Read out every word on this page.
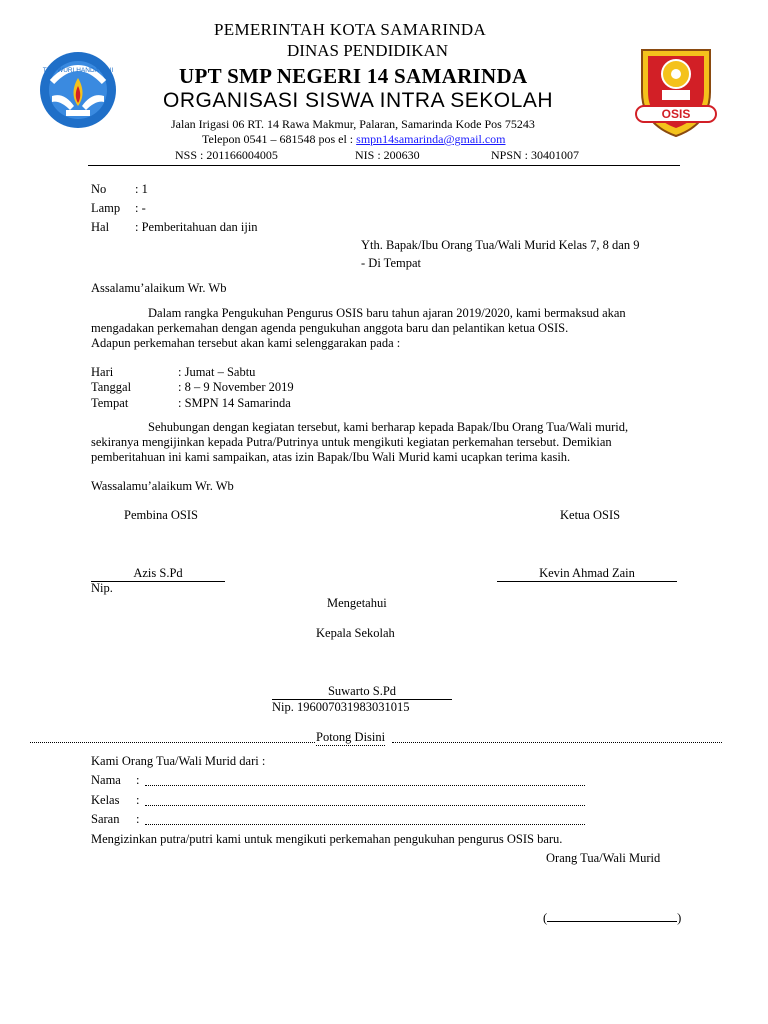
TUT WURI HANDAYANI
OSIS
PEMERINTAH KOTA SAMARINDA
DINAS PENDIDIKAN
UPT SMP NEGERI 14 SAMARINDA
ORGANISASI SISWA INTRA SEKOLAH
Jalan Irigasi 06 RT. 14 Rawa Makmur, Palaran, Samarinda Kode Pos 75243
Telepon 0541 – 681548 pos el : smpn14samarinda@gmail.com
NSS : 201166004005	NIS : 200630	NPSN : 30401007
No : 1
Lamp : -
Hal : Pemberitahuan dan ijin
Yth. Bapak/Ibu Orang Tua/Wali Murid Kelas 7, 8 dan 9
- Di Tempat
Assalamu’alaikum Wr. Wb
Dalam rangka Pengukuhan Pengurus OSIS baru tahun ajaran 2019/2020, kami bermaksud akan
mengadakan perkemahan dengan agenda pengukuhan anggota baru dan pelantikan ketua OSIS.
Adapun perkemahan tersebut akan kami selenggarakan pada :
Hari	: Jumat – Sabtu
Tanggal	: 8 – 9 November 2019
Tempat	: SMPN 14 Samarinda
Sehubungan dengan kegiatan tersebut, kami berharap kepada Bapak/Ibu Orang Tua/Wali murid,
sekiranya mengijinkan kepada Putra/Putrinya untuk mengikuti kegiatan perkemahan tersebut. Demikian
pemberitahuan ini kami sampaikan, atas izin Bapak/Ibu Wali Murid kami ucapkan terima kasih.
Wassalamu’alaikum Wr. Wb
Pembina OSIS	Ketua OSIS
Azis S.Pd	Kevin Ahmad Zain
Nip.
Mengetahui
Kepala Sekolah
Suwarto S.Pd
Nip. 196007031983031015
Potong Disini
Kami Orang Tua/Wali Murid dari :
Nama :
Kelas :
Saran :
Mengizinkan putra/putri kami untuk mengikuti perkemahan pengukuhan pengurus OSIS baru.
Orang Tua/Wali Murid
(	)
